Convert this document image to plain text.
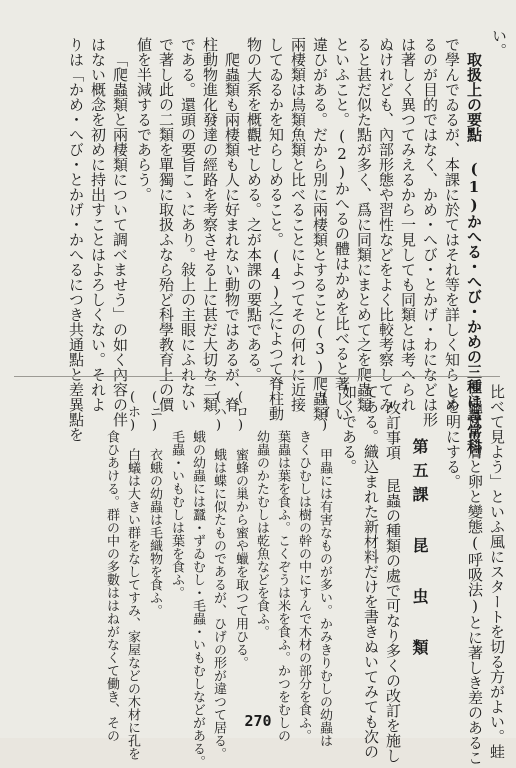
い。
取扱上の要點 (1)かへる・へび・かめの三種は尋常科
で學んでゐるが、本課に於てはそれ等を詳しく知らしめ
るのが目的ではなく、かめ・へび・とかげ・わになどは形
は著しく異つてみえるから一見しても同類とは考へられ
ぬけれども、內部形態や習性などをよく比較考察してみ
ると甚だ似た點が多く、爲に同類にまとめて之を爬蟲類
といふこと。(2)かへるの體はかめを比べると著しい
違ひがある。だから別に兩棲類とすること(3)爬蟲類
兩棲類は鳥類魚類と比べることによつてその何れに近接
してゐるかを知らしめること。(4)之によつて脊柱動
物の大系を概觀せしめる。之が本課の要點である。
爬蟲類も兩棲類も人に好まれない動物ではあるが、脊
柱動物進化發達の經路を考察させる上に甚だ大切な二類
である。還頭の要旨こゝにあり。敍上の主眼にふれない
で著し此の二類を單獨に取扱ふなら殆ど科學教育上の價
値を半減するであらう。
「爬蟲類と兩棲類について調べませう」の如く內容の伴
はない概念を初めに持出すことはよろしくない。それよ
りは「かめ・へび・とかげ・かへるにつき共通點と差異點を
比べて見よう」といふ風にスタートを切る方がよい。蛙
と龜は皮膚と卵と變態(呼吸法)とに著しき差のあるこ
とを明にする。
第五課 昆 虫 類
改訂事項 昆蟲の種類の處で可なり多くの改訂を施し
てある。織込まれた新材料だけを書きぬいてみても次の
如くである。
(イ) 甲蟲には有害なものが多い。かみきりむしの幼蟲は
きくひむしは樹の幹の中にすんで木材の部分を食ふ。
葉蟲は葉を食ふ。こくぞうは米を食ふ。かつをむしの
幼蟲のかたむしは乾魚などを食ふ。
(ロ) 蜜蜂の巢から蜜や蠟を取つて用ひる。
(ハ) 蛾は蝶に似たものであるが、ひげの形が違つて居る。
蛾の幼蟲には蠶・ずゐむし・毛蟲・いもむしなどがある。
毛蟲・いもむしは葉を食ふ。
(ニ) 衣蛾の幼蟲は毛織物を食ふ。
(ホ) 白蟻は大きい群をなしてすみ、家屋などの木材に孔を
食ひあける。群の中の多數ははねがなくて働き、その	270
